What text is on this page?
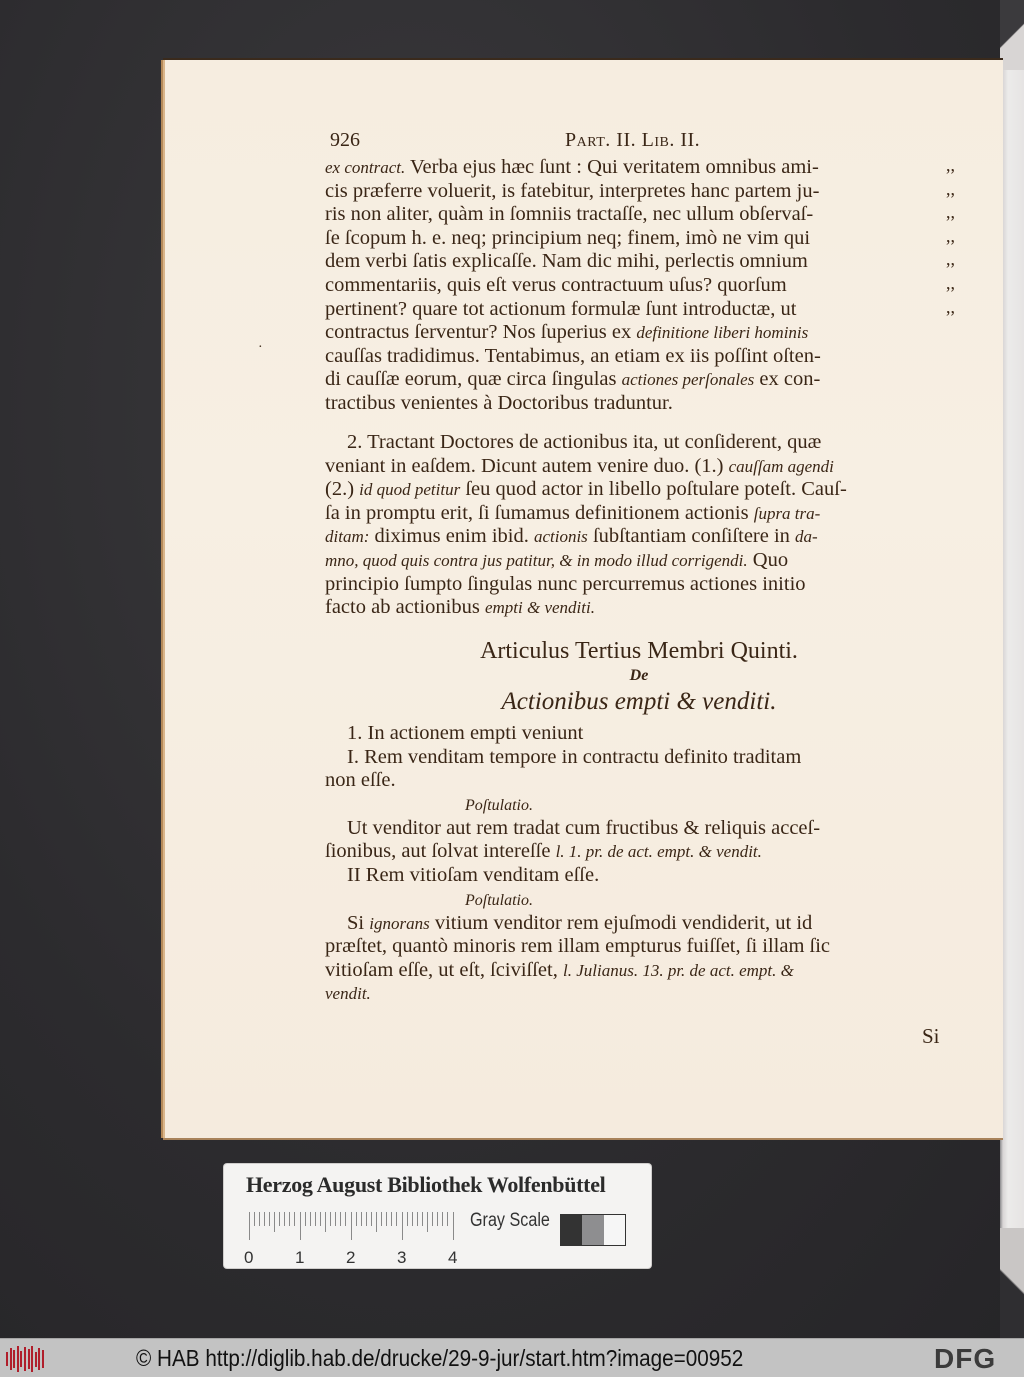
926	Part. II. Lib. II.
ex contract. Verba ejus hæc ſunt : Qui veritatem omnibus ami-	,,
cis præferre voluerit, is fatebitur, interpretes hanc partem ju-	,,
ris non aliter, quàm in ſomniis tractaſſe, nec ullum obſervaſ-	,,
ſe ſcopum h. e. neq; principium neq; finem, imò ne vim qui	,,
dem verbi ſatis explicaſſe. Nam dic mihi, perlectis omnium	,,
commentariis, quis eſt verus contractuum uſus? quorſum	,,
pertinent? quare tot actionum formulæ ſunt introductæ, ut	,,
contractus ſerventur? Nos ſuperius ex definitione liberi hominis
cauſſas tradidimus. Tentabimus, an etiam ex iis poſſint oſten-
di cauſſæ eorum, quæ circa ſingulas actiones perſonales ex con-
tractibus venientes à Doctoribus traduntur.
·
2. Tractant Doctores de actionibus ita, ut conſiderent, quæ
veniant in eaſdem. Dicunt autem venire duo. (1.) cauſſam agendi
(2.) id quod petitur ſeu quod actor in libello poſtulare poteſt. Cauſ-
ſa in promptu erit, ſi ſumamus definitionem actionis ſupra tra-
ditam: diximus enim ibid. actionis ſubſtantiam conſiſtere in da-
mno, quod quis contra jus patitur, & in modo illud corrigendi. Quo
principio ſumpto ſingulas nunc percurremus actiones initio
facto ab actionibus empti & venditi.
Articulus Tertius Membri Quinti.
De
Actionibus empti & venditi.
1. In actionem empti veniunt
I. Rem venditam tempore in contractu definito traditam
non eſſe.
Poſtulatio.
Ut venditor aut rem tradat cum fructibus & reliquis acceſ-
ſionibus, aut ſolvat intereſſe l. 1. pr. de act. empt. & vendit.
II Rem vitioſam venditam eſſe.
Poſtulatio.
Si ignorans vitium venditor rem ejuſmodi vendiderit, ut id
præſtet, quantò minoris rem illam empturus fuiſſet, ſi illam ſic
vitioſam eſſe, ut eſt, ſciviſſet, l. Julianus. 13. pr. de act. empt. &
vendit.
Si
Herzog August Bibliothek Wolfenbüttel
0 1 2 3 4
Gray Scale
© HAB http://diglib.hab.de/drucke/29-9-jur/start.htm?image=00952	DFG
